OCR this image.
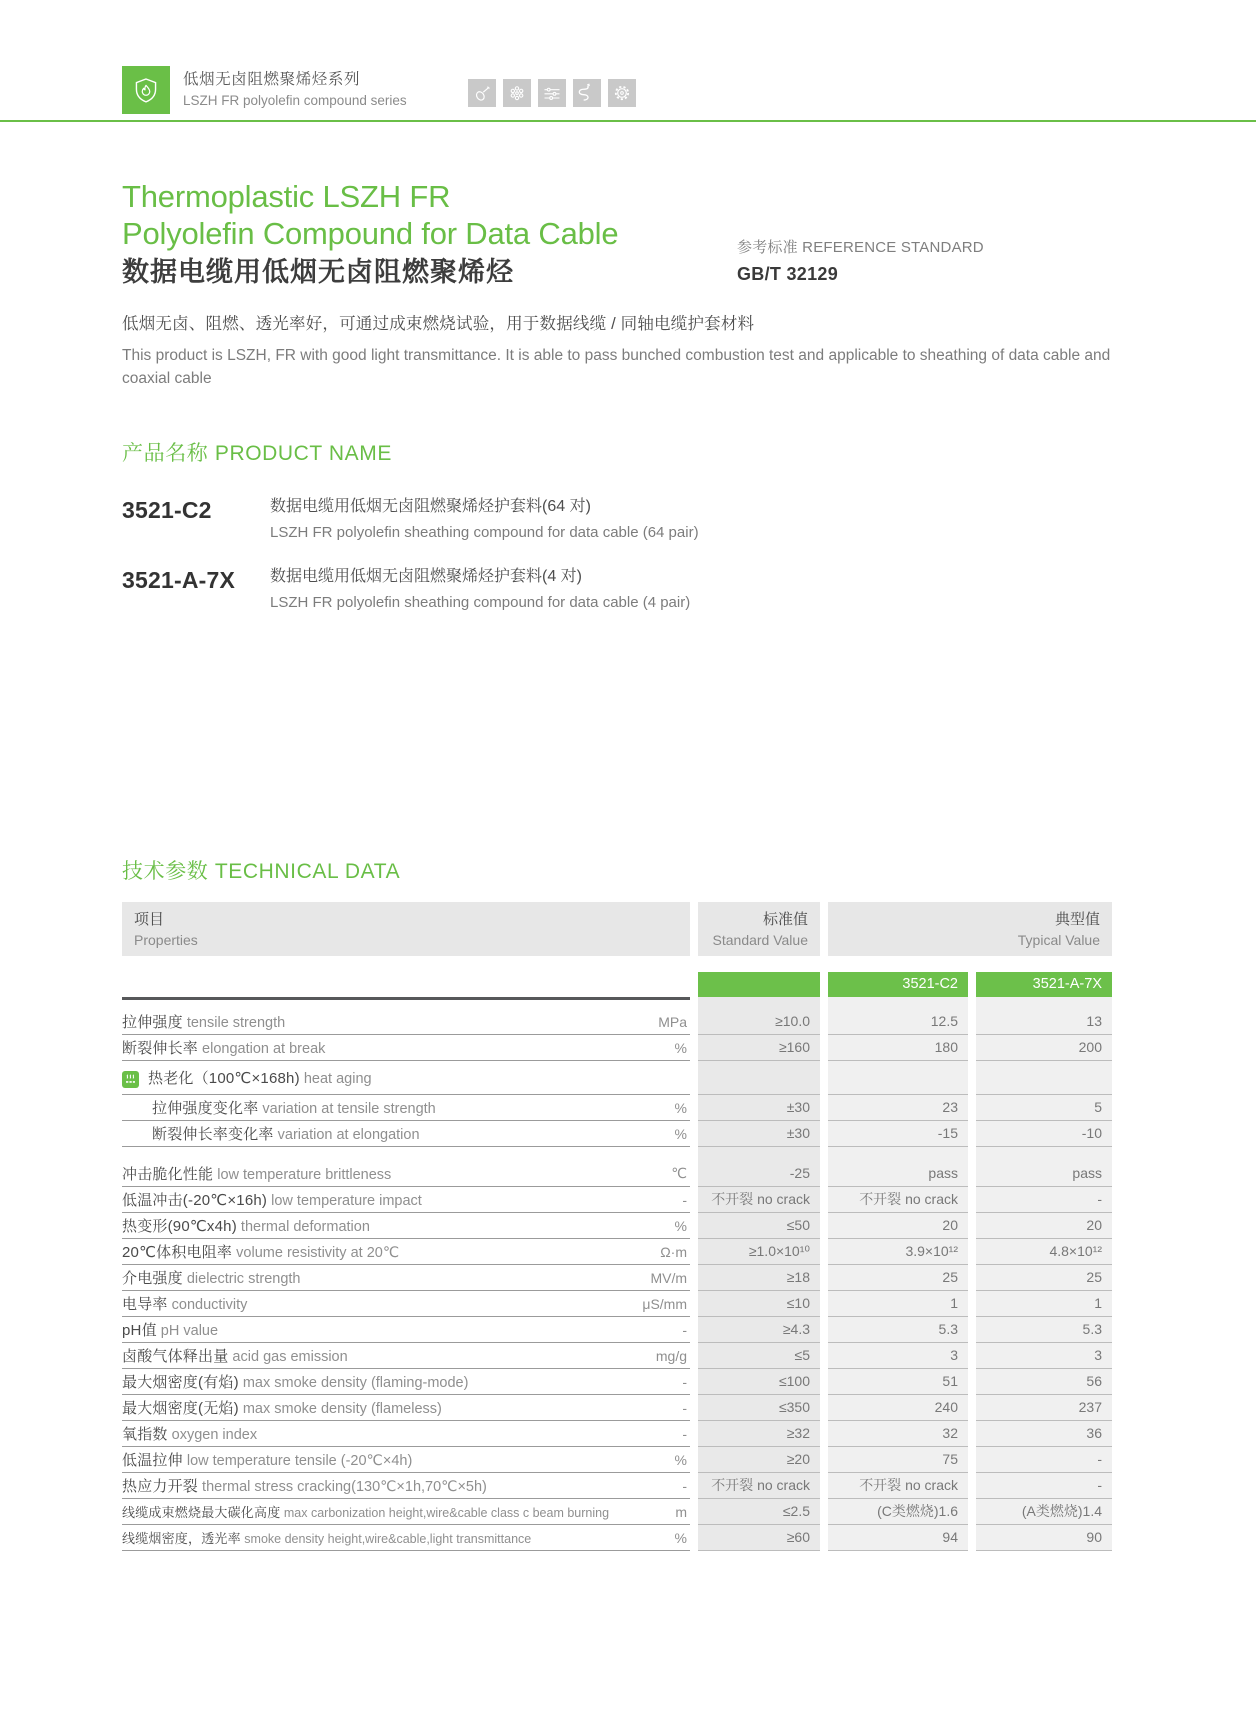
低烟无卤阻燃聚烯烃系列
LSZH FR polyolefin compound series
Thermoplastic LSZH FR
Polyolefin Compound for Data Cable
数据电缆用低烟无卤阻燃聚烯烃
参考标准 REFERENCE STANDARD
GB/T 32129
低烟无卤、阻燃、透光率好，可通过成束燃烧试验，用于数据线缆 / 同轴电缆护套材料
This product is LSZH, FR with good light transmittance. It is able to pass bunched combustion test and applicable to sheathing of data cable and coaxial cable
产品名称 PRODUCT NAME
3521-C2	数据电缆用低烟无卤阻燃聚烯烃护套料(64 对)
LSZH FR polyolefin sheathing compound for data cable (64 pair)
3521-A-7X	数据电缆用低烟无卤阻燃聚烯烃护套料(4 对)
LSZH FR polyolefin sheathing compound for data cable (4 pair)
技术参数 TECHNICAL DATA
项目
Properties
标准值
Standard Value
典型值
Typical Value
3521-C2	3521-A-7X
拉伸强度 tensile strength	MPa	≥10.0	12.5	13
断裂伸长率 elongation at break	%	≥160	180	200
热老化（100℃×168h) heat aging
拉伸强度变化率 variation at tensile strength	%	±30	23	5
断裂伸长率变化率 variation at elongation	%	±30	-15	-10
冲击脆化性能 low temperature brittleness	℃	-25	pass	pass
低温冲击(-20℃×16h) low temperature impact	-	不开裂 no crack	不开裂 no crack	-
热变形(90℃x4h) thermal deformation	%	≤50	20	20
20℃体积电阻率 volume resistivity at 20℃	Ω·m	≥1.0×10¹⁰	3.9×10¹²	4.8×10¹²
介电强度 dielectric strength	MV/m	≥18	25	25
电导率 conductivity	μS/mm	≤10	1	1
pH值 pH value	-	≥4.3	5.3	5.3
卤酸气体释出量 acid gas emission	mg/g	≤5	3	3
最大烟密度(有焰) max smoke density (flaming-mode)	-	≤100	51	56
最大烟密度(无焰) max smoke density (flameless)	-	≤350	240	237
氧指数 oxygen index	-	≥32	32	36
低温拉伸 low temperature tensile (-20℃×4h)	%	≥20	75	-
热应力开裂 thermal stress cracking(130℃×1h,70℃×5h)	-	不开裂 no crack	不开裂 no crack	-
线缆成束燃烧最大碳化高度 max carbonization height,wire&cable class c beam burning	m	≤2.5	(C类燃烧)1.6	(A类燃烧)1.4
线缆烟密度，透光率 smoke density height,wire&cable,light transmittance	%	≥60	94	90
